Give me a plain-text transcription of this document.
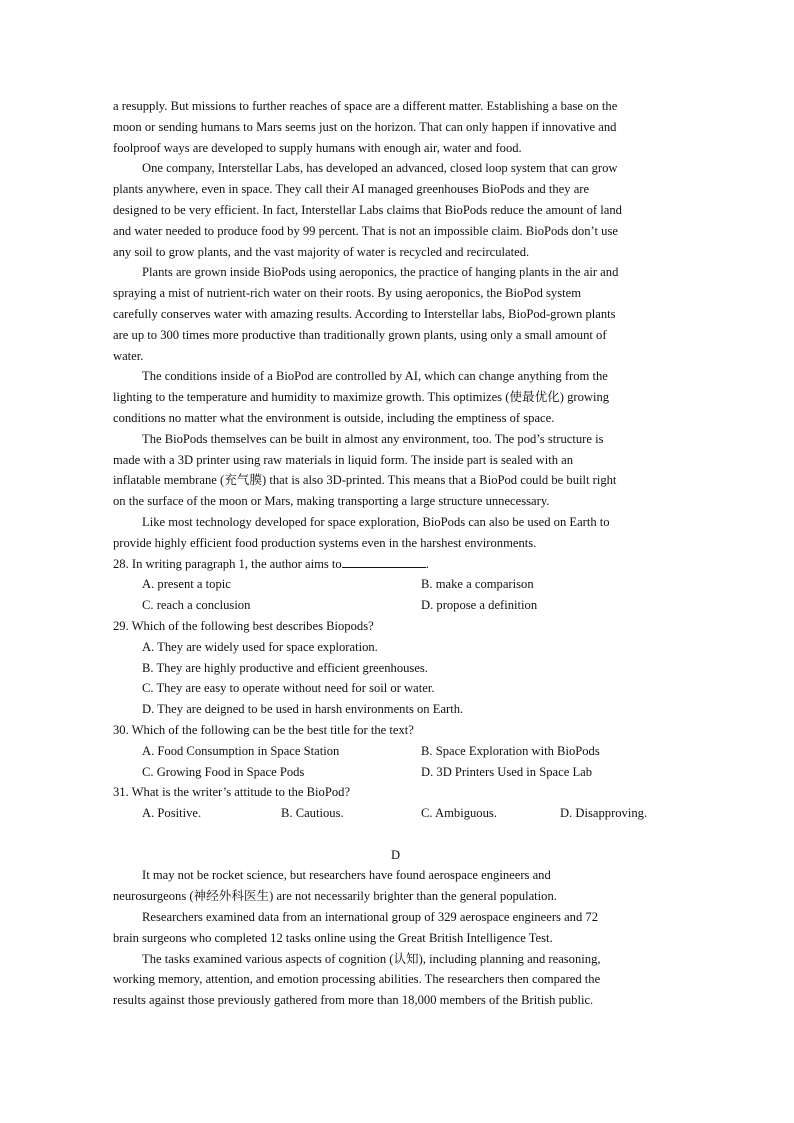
a resupply. But missions to further reaches of space are a different matter. Establishing a base on the
moon or sending humans to Mars seems just on the horizon. That can only happen if innovative and
foolproof ways are developed to supply humans with enough air, water and food.
One company, Interstellar Labs, has developed an advanced, closed loop system that can grow
plants anywhere, even in space. They call their AI managed greenhouses BioPods and they are
designed to be very efficient. In fact, Interstellar Labs claims that BioPods reduce the amount of land
and water needed to produce food by 99 percent. That is not an impossible claim. BioPods don’t use
any soil to grow plants, and the vast majority of water is recycled and recirculated.
Plants are grown inside BioPods using aeroponics, the practice of hanging plants in the air and
spraying a mist of nutrient-rich water on their roots. By using aeroponics, the BioPod system
carefully conserves water with amazing results. According to Interstellar labs, BioPod-grown plants
are up to 300 times more productive than traditionally grown plants, using only a small amount of
water.
The conditions inside of a BioPod are controlled by AI, which can change anything from the
lighting to the temperature and humidity to maximize growth. This optimizes (使最优化) growing
conditions no matter what the environment is outside, including the emptiness of space.
The BioPods themselves can be built in almost any environment, too. The pod’s structure is
made with a 3D printer using raw materials in liquid form. The inside part is sealed with an
inflatable membrane (充气膜) that is also 3D-printed. This means that a BioPod could be built right
on the surface of the moon or Mars, making transporting a large structure unnecessary.
Like most technology developed for space exploration, BioPods can also be used on Earth to
provide highly efficient food production systems even in the harshest environments.
28. In writing paragraph 1, the author aims to	.
A. present a topic	B. make a comparison
C. reach a conclusion	D. propose a definition
29. Which of the following best describes Biopods?
A. They are widely used for space exploration.
B. They are highly productive and efficient greenhouses.
C. They are easy to operate without need for soil or water.
D. They are deigned to be used in harsh environments on Earth.
30. Which of the following can be the best title for the text?
A. Food Consumption in Space Station	B. Space Exploration with BioPods
C. Growing Food in Space Pods	D. 3D Printers Used in Space Lab
31. What is the writer’s attitude to the BioPod?
A. Positive.	B. Cautious.	C. Ambiguous.	D. Disapproving.
D
It may not be rocket science, but researchers have found aerospace engineers and
neurosurgeons (神经外科医生) are not necessarily brighter than the general population.
Researchers examined data from an international group of 329 aerospace engineers and 72
brain surgeons who completed 12 tasks online using the Great British Intelligence Test.
The tasks examined various aspects of cognition (认知), including planning and reasoning,
working memory, attention, and emotion processing abilities. The researchers then compared the
results against those previously gathered from more than 18,000 members of the British public.
